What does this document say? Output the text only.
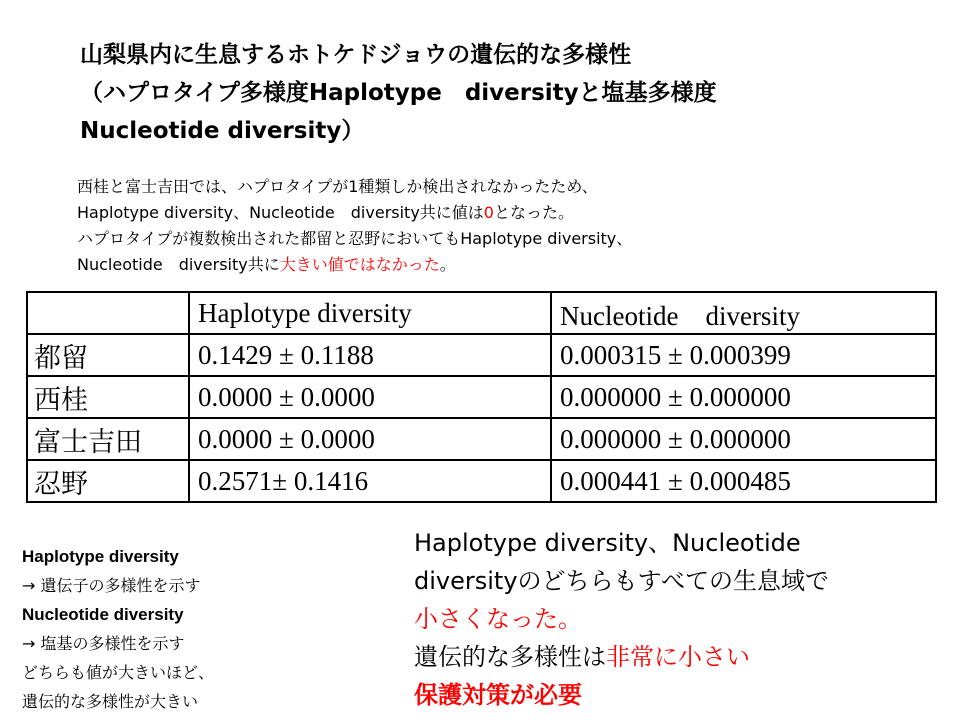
山梨県内に生息するホトケドジョウの遺伝的な多様性
（ハプロタイプ多様度Haplotype　diversityと塩基多様度
Nucleotide diversity）
西桂と富士吉田では、ハプロタイプが1種類しか検出されなかったため、
Haplotype diversity、Nucleotide　diversity共に値は0となった。
ハプロタイプが複数検出された都留と忍野においてもHaplotype diversity、
Nucleotide　diversity共に大きい値ではなかった。
	Haplotype diversity	Nucleotide　diversity
都留	0.1429 ± 0.1188	0.000315 ± 0.000399
西桂	0.0000 ± 0.0000	0.000000 ± 0.000000
富士吉田	0.0000 ± 0.0000	0.000000 ± 0.000000
忍野	0.2571± 0.1416	0.000441 ± 0.000485
Haplotype diversity
→ 遺伝子の多様性を示す
Nucleotide diversity
→ 塩基の多様性を示す
どちらも値が大きいほど、
遺伝的な多様性が大きい
Haplotype diversity、Nucleotide
diversityのどちらもすべての生息域で
小さくなった。
遺伝的な多様性は非常に小さい
保護対策が必要
